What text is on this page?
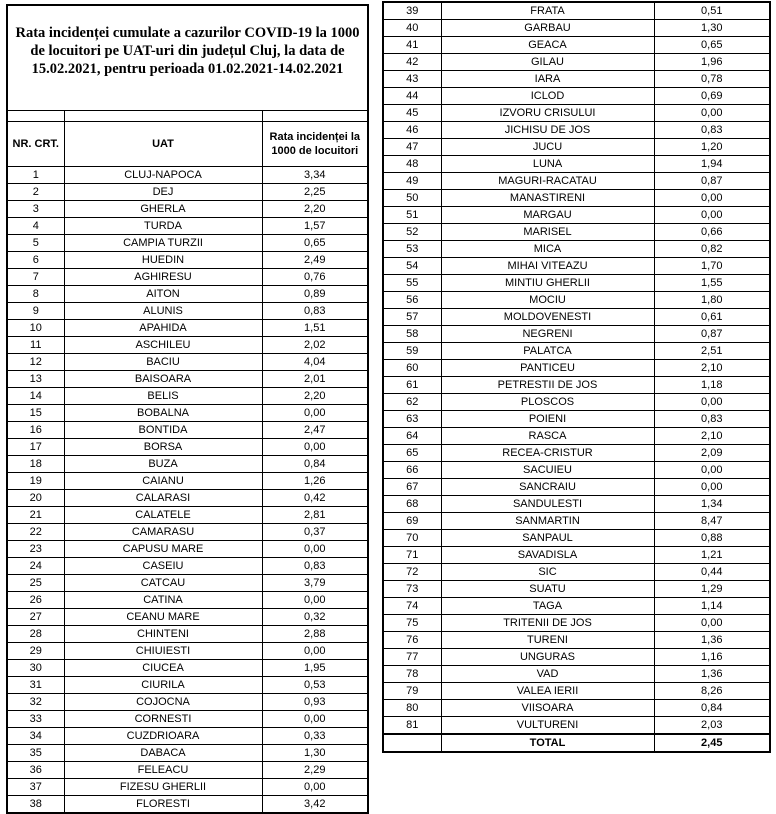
Rata incidenței cumulate a cazurilor COVID-19 la 1000 de locuitori pe UAT-uri din județul Cluj, la data de 15.02.2021, pentru perioada 01.02.2021-14.02.2021		

NR. CRT.	UAT	Rata incidenței la 1000 de locuitori
1	CLUJ-NAPOCA	3,34
2	DEJ	2,25
3	GHERLA	2,20
4	TURDA	1,57
5	CAMPIA TURZII	0,65
6	HUEDIN	2,49
7	AGHIRESU	0,76
8	AITON	0,89
9	ALUNIS	0,83
10	APAHIDA	1,51
11	ASCHILEU	2,02
12	BACIU	4,04
13	BAISOARA	2,01
14	BELIS	2,20
15	BOBALNA	0,00
16	BONTIDA	2,47
17	BORSA	0,00
18	BUZA	0,84
19	CAIANU	1,26
20	CALARASI	0,42
21	CALATELE	2,81
22	CAMARASU	0,37
23	CAPUSU MARE	0,00
24	CASEIU	0,83
25	CATCAU	3,79
26	CATINA	0,00
27	CEANU MARE	0,32
28	CHINTENI	2,88
29	CHIUIESTI	0,00
30	CIUCEA	1,95
31	CIURILA	0,53
32	COJOCNA	0,93
33	CORNESTI	0,00
34	CUZDRIOARA	0,33
35	DABACA	1,30
36	FELEACU	2,29
37	FIZESU GHERLII	0,00
38	FLORESTI	3,42
39	FRATA	0,51
40	GARBAU	1,30
41	GEACA	0,65
42	GILAU	1,96
43	IARA	0,78
44	ICLOD	0,69
45	IZVORU CRISULUI	0,00
46	JICHISU DE JOS	0,83
47	JUCU	1,20
48	LUNA	1,94
49	MAGURI-RACATAU	0,87
50	MANASTIRENI	0,00
51	MARGAU	0,00
52	MARISEL	0,66
53	MICA	0,82
54	MIHAI VITEAZU	1,70
55	MINTIU GHERLII	1,55
56	MOCIU	1,80
57	MOLDOVENESTI	0,61
58	NEGRENI	0,87
59	PALATCA	2,51
60	PANTICEU	2,10
61	PETRESTII DE JOS	1,18
62	PLOSCOS	0,00
63	POIENI	0,83
64	RASCA	2,10
65	RECEA-CRISTUR	2,09
66	SACUIEU	0,00
67	SANCRAIU	0,00
68	SANDULESTI	1,34
69	SANMARTIN	8,47
70	SANPAUL	0,88
71	SAVADISLA	1,21
72	SIC	0,44
73	SUATU	1,29
74	TAGA	1,14
75	TRITENII DE JOS	0,00
76	TURENI	1,36
77	UNGURAS	1,16
78	VAD	1,36
79	VALEA IERII	8,26
80	VIISOARA	0,84
81	VULTURENI	2,03
	TOTAL	2,45
